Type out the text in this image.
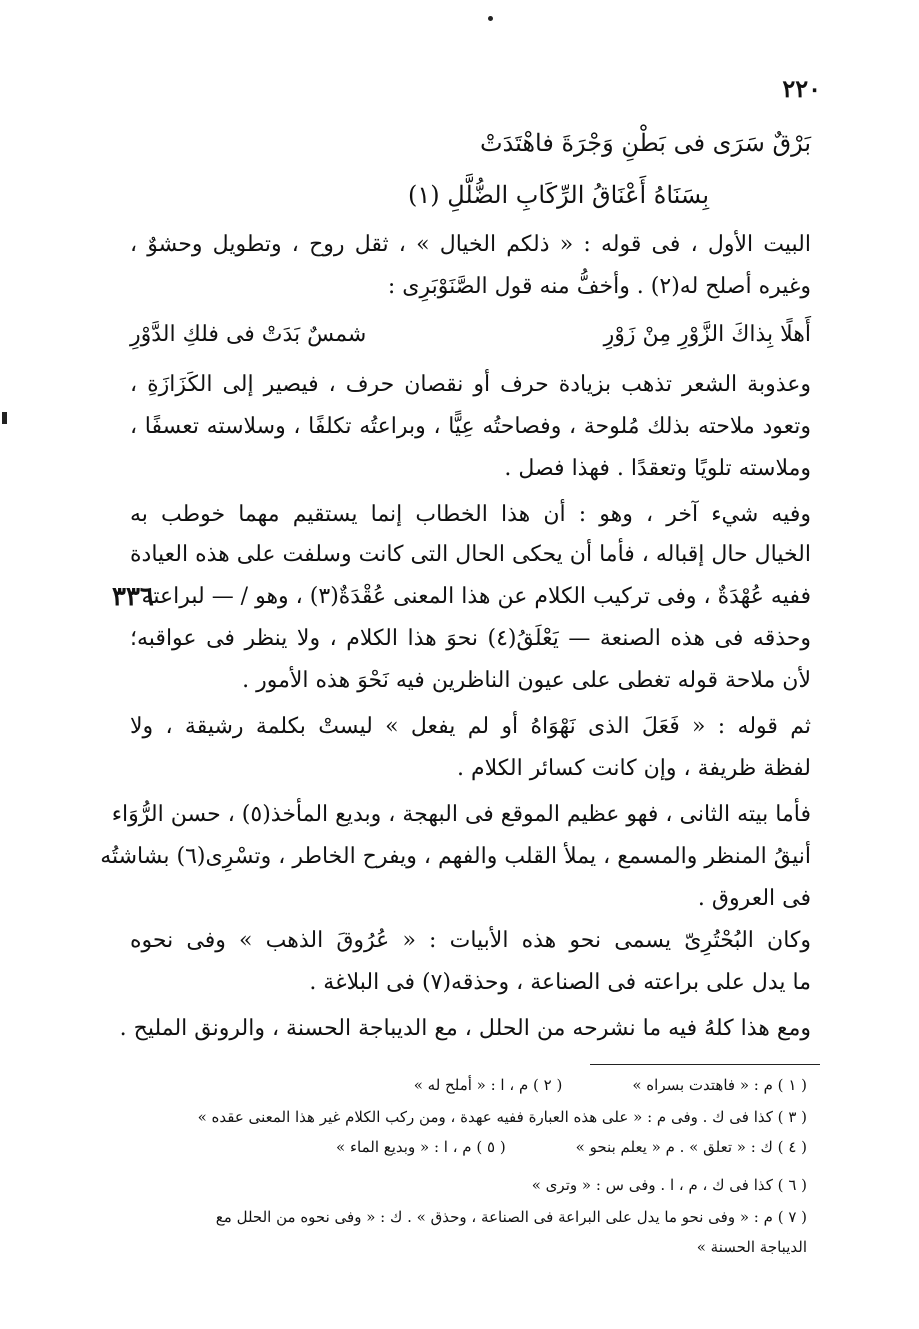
٢٢٠
بَرْقٌ سَرَى فى بَطْنِ وَجْرَةَ فاهْتَدَتْ
بِسَنَاهُ أَعْنَاقُ الرِّكَابِ الضُّلَّلِ (١)
البيت الأول ، فى قوله : « ذلكم الخيال » ، ثقل روح ، وتطويل وحشوٌ ،
وغيره أصلح له(٢) . وأخفُّ منه قول الصَّنَوْبَرِى :
أَهلًا بِذاكَ الزَّوْرِ مِنْ زَوْرِ
شمسٌ بَدَتْ فى فلكِ الدَّوْرِ
وعذوبة الشعر تذهب بزيادة حرف أو نقصان حرف ، فيصير إلى الكَزَازَةِ ،
وتعود ملاحته بذلك مُلوحة ، وفصاحتُه عِيًّا ، وبراعتُه تكلفًا ، وسلاسته تعسفًا ،
وملاسته تلويًا وتعقدًا . فهذا فصل .
وفيه شيء آخر ، وهو : أن هذا الخطاب إنما يستقيم مهما خوطب به
الخيال حال إقباله ، فأما أن يحكى الحال التى كانت وسلفت على هذه العيادة
٣٣٦
ففيه عُهْدَةٌ ، وفى تركيب الكلام عن هذا المعنى عُقْدَةٌ(٣) ، وهو / — لبراعته
وحذقه فى هذه الصنعة — يَعْلَقُ(٤) نحوَ هذا الكلام ، ولا ينظر فى عواقبه؛
لأن ملاحة قوله تغطى على عيون الناظرين فيه نَحْوَ هذه الأمور .
ثم قوله : « فَعَلَ الذى نَهْوَاهُ أو لم يفعل » ليستْ بكلمة رشيقة ، ولا
لفظة ظريفة ، وإن كانت كسائر الكلام .
فأما بيته الثانى ، فهو عظيم الموقع فى البهجة ، وبديع المأخذ(٥) ، حسن الرُّوَاء
أنيقُ المنظر والمسمع ، يملأ القلب والفهم ، ويفرح الخاطر ، وتسْرِى(٦) بشاشتُه
فى العروق .
وكان البُحْتُرِىّ يسمى نحو هذه الأبيات : « عُرُوقَ الذهب » وفى نحوه
ما يدل على براعته فى الصناعة ، وحذقه(٧) فى البلاغة .
ومع هذا كلهُ فيه ما نشرحه من الحلل ، مع الديباجة الحسنة ، والرونق المليح .
( ١ ) م : « فاهتدت بسراه »
( ٢ ) م ، ا : « أملح له »
( ٣ ) كذا فى ك . وفى م : « على هذه العبارة ففيه عهدة ، ومن ركب الكلام غير هذا المعنى عقده »
( ٤ ) ك : « تعلق » . م « يعلم بنحو »
( ٥ ) م ، ا : « وبديع الماء »
( ٦ ) كذا فى ك ، م ، ا . وفى س : « وترى »
( ٧ ) م : « وفى نحو ما يدل على البراعة فى الصناعة ، وحذق » . ك : « وفى نحوه من الحلل مع
الديباجة الحسنة »
